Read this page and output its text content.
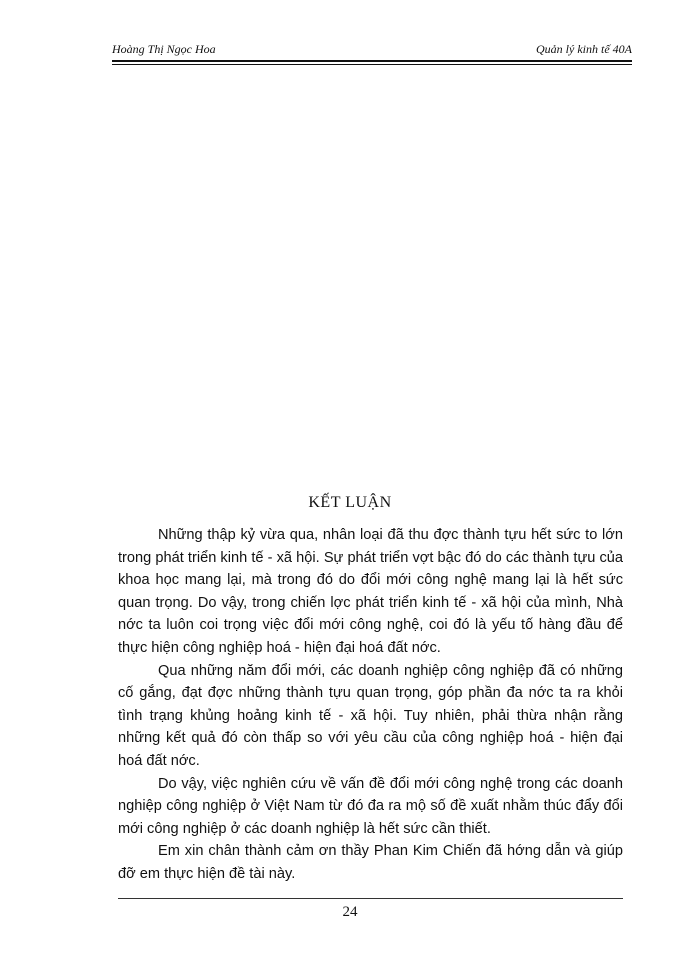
Hoàng Thị Ngọc Hoa	Quản lý kinh tế 40A
KẾT LUẬN

Những thập kỷ vừa qua, nhân loại đã thu đợc thành tựu hết sức to lớn trong phát triển kinh tế - xã hội. Sự phát triển vợt bậc đó do các thành tựu của khoa học mang lại, mà trong đó do đổi mới công nghệ mang lại là hết sức quan trọng. Do vậy, trong chiến lợc phát triển kinh tế - xã hội của mình, Nhà nớc ta luôn coi trọng việc đổi mới công nghệ, coi đó là yếu tố hàng đầu để thực hiện công nghiệp hoá - hiện đại hoá đất nớc.

Qua những năm đổi mới, các doanh nghiệp công nghiệp đã có những cố gắng, đạt đợc những thành tựu quan trọng, góp phần đa nớc ta ra khỏi tình trạng khủng hoảng kinh tế - xã hội. Tuy nhiên, phải thừa nhận rằng những kết quả đó còn thấp so với yêu cầu của công nghiệp hoá - hiện đại hoá đất nớc.

Do vậy, việc nghiên cứu về vấn đề đổi mới công nghệ trong các doanh nghiệp công nghiệp ở Việt Nam từ đó đa ra mộ số đề xuất nhằm thúc đẩy đổi mới công nghiệp ở các doanh nghiệp là hết sức cần thiết.

Em xin chân thành cảm ơn thầy Phan Kim Chiến đã hớng dẫn và giúp đỡ em thực hiện đề tài này.

24
